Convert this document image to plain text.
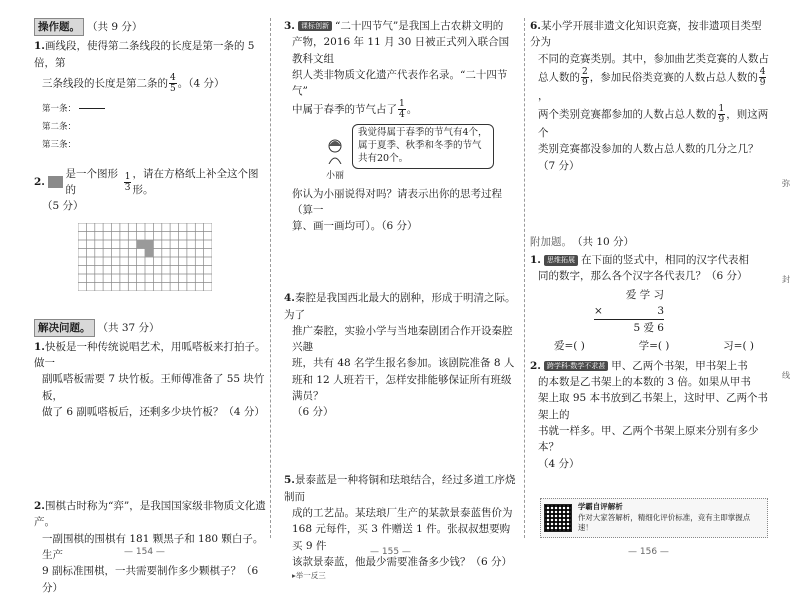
操作题。 （共 9 分）

1.画线段，使得第二条线段的长度是第一条的 5 倍，第

三条线段的长度是第二条的 $\frac{4}{5}$ 。（4 分）

第一条：
第二条：
第三条：

2.
是一个图形的	$\frac{1}{3}$ ，请在方格纸上补全这个图形。

（5 分）

解决问题。 （共 37 分）

1.快板是一种传统说唱艺术，用呱嗒板来打拍子。做一

副呱嗒板需要 7 块竹板。王师傅准备了 55 块竹板，

做了 6 副呱嗒板后，还剩多少块竹板？（4 分）

2.围棋古时称为“弈”，是我国国家级非物质文化遗产。

一副围棋的围棋有 181 颗黑子和 180 颗白子。生产

9 副标准围棋，一共需要制作多少颗棋子？（6 分）

— 154 —

3. 课标创新 “二十四节气”是我国上古农耕文明的

产物，2016 年 11 月 30 日被正式列入联合国教科文组

织人类非物质文化遗产代表作名录。“二十四节气”

中属于春季的节气占了 $\frac{1}{4}$ 。

小丽
我觉得属于春季的节气有4个，
属于夏季、秋季和冬季的节气
共有20个。

你认为小丽说得对吗？请表示出你的思考过程（算一

算、画一画均可）。（6 分）

4.秦腔是我国西北最大的剧种，形成于明清之际。为了

推广秦腔，实验小学与当地秦剧团合作开设秦腔兴趣

班，共有 48 名学生报名参加。该剧院准备 8 人

班和 12 人班若干，怎样安排能够保证所有班级满员？

（6 分）

5.景泰蓝是一种将铜和珐琅结合，经过多道工序烧制而

成的工艺品。某珐琅厂生产的某款景泰蓝售价为

168 元每件，买 3 件赠送 1 件。张叔叔想要购买 9 件

该款景泰蓝，他最少需要准备多少钱？（6 分）

▸举一反三

— 155 —

6.某小学开展非遗文化知识竞赛，按非遗项目类型分为

不同的竞赛类别。其中，参加曲艺类竞赛的人数占

总人数的 $\frac{2}{9}$ ，参加民俗类竞赛的人数占总人数的 $\frac{4}{9}$
，

两个类别竞赛都参加的人数占总人数的 $\frac{1}{9}$ ，则这两个

类别竞赛都没参加的人数占总人数的几分之几？

（7 分）

附加题。 （共 10 分）

1. 思维拓展 在下面的竖式中，相同的汉字代表相

同的数字，那么各个汉字各代表几？（6 分）

爱 学 习
×	3
5 爱 6
爱=( )	学=( )	习=( )

2. 跨学科·数学不求甚 甲、乙两个书架，甲书架上书

的本数是乙书架上的本数的 3 倍。如果从甲书

架上取 95 本书放到乙书架上，这时甲、乙两个书架上的

书就一样多。甲、乙两个书架上原来分别有多少本？

（4 分）

学霸自评解析
作对大家答解析，精细化评价标准，竞有主即掌握点速！
— 156 —
弥
封
线
